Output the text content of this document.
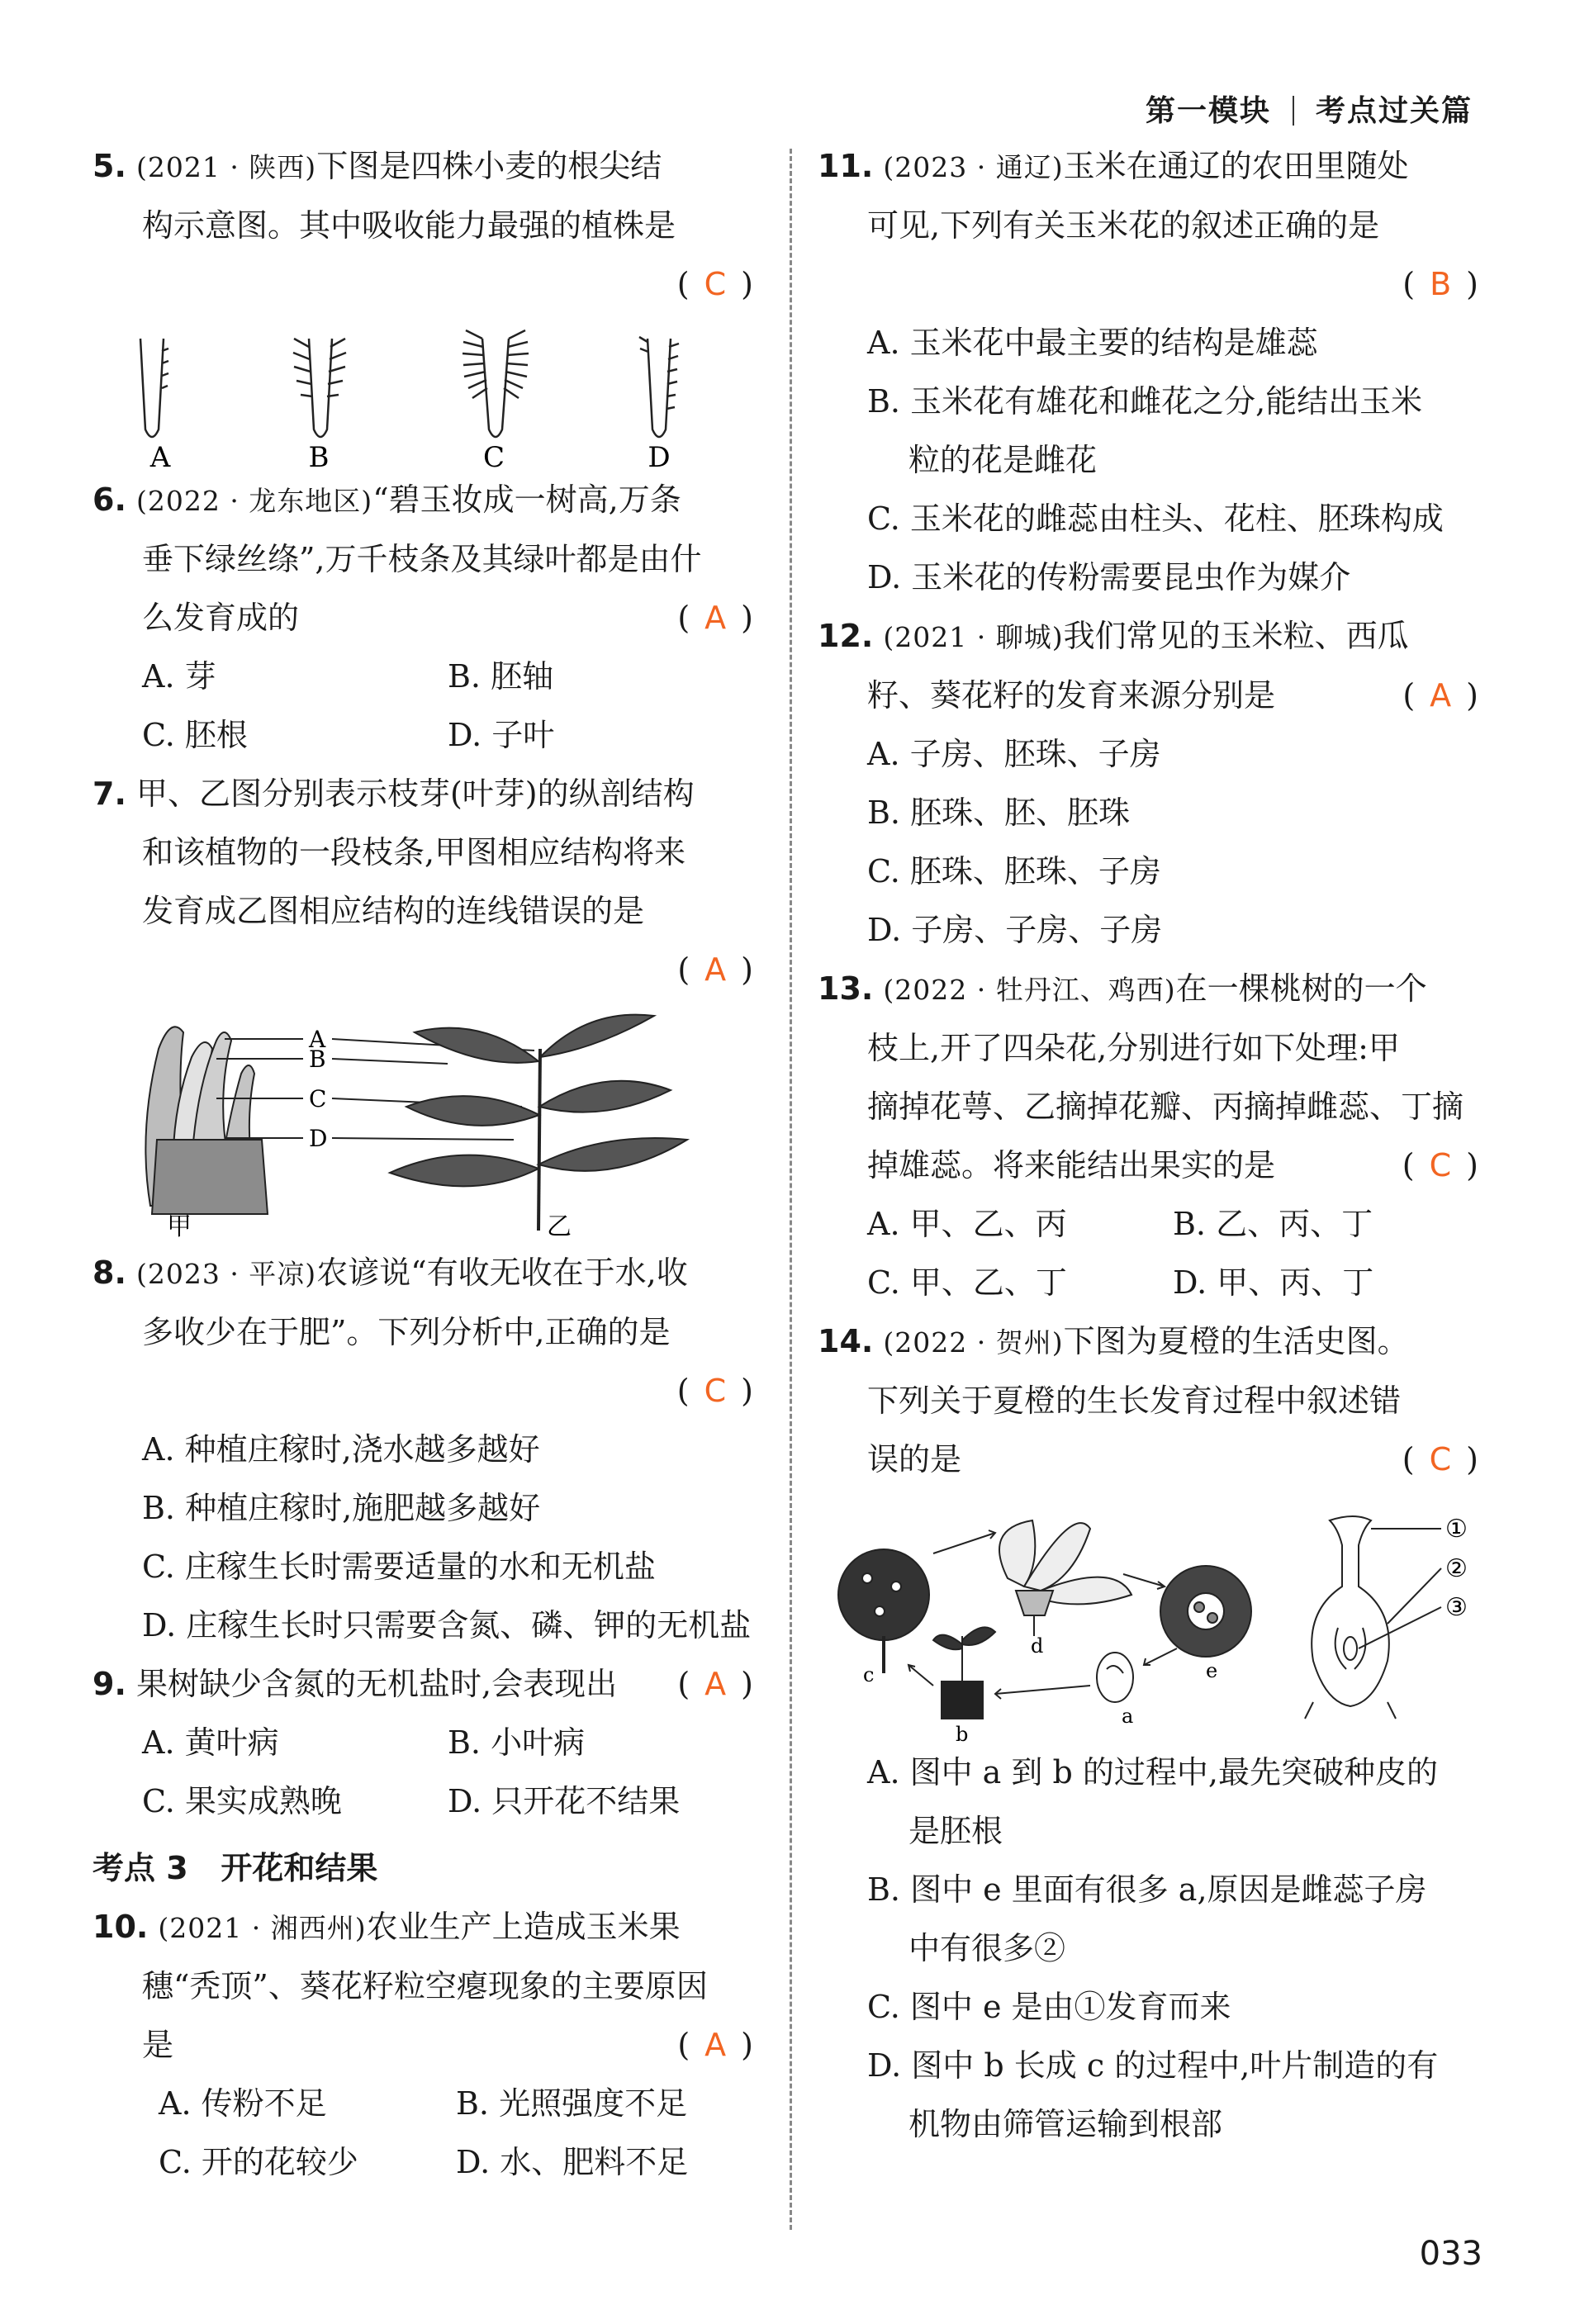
第一模块 考点过关篇
5. (2021 · 陕西)下图是四株小麦的根尖结
构示意图。其中吸收能力最强的植株是
( C )
A	B	C	D
6. (2022 · 龙东地区)“碧玉妆成一树高,万条
垂下绿丝绦”,万千枝条及其绿叶都是由什
么发育成的	( A )
A. 芽	B. 胚轴
C. 胚根	D. 子叶
7. 甲、乙图分别表示枝芽(叶芽)的纵剖结构
和该植物的一段枝条,甲图相应结构将来
发育成乙图相应结构的连线错误的是
( A )
A
B
C
D
甲	乙
8. (2023 · 平凉)农谚说“有收无收在于水,收
多收少在于肥”。下列分析中,正确的是
( C )
A. 种植庄稼时,浇水越多越好
B. 种植庄稼时,施肥越多越好
C. 庄稼生长时需要适量的水和无机盐
D. 庄稼生长时只需要含氮、磷、钾的无机盐
9. 果树缺少含氮的无机盐时,会表现出 ( A )
A. 黄叶病	B. 小叶病
C. 果实成熟晚	D. 只开花不结果
考点 3 开花和结果
10. (2021 · 湘西州)农业生产上造成玉米果
穗“秃顶”、葵花籽粒空瘪现象的主要原因
是	( A )
A. 传粉不足	B. 光照强度不足
C. 开的花较少	D. 水、肥料不足
11. (2023 · 通辽)玉米在通辽的农田里随处
可见,下列有关玉米花的叙述正确的是
( B )
A. 玉米花中最主要的结构是雄蕊
B. 玉米花有雄花和雌花之分,能结出玉米
粒的花是雌花
C. 玉米花的雌蕊由柱头、花柱、胚珠构成
D. 玉米花的传粉需要昆虫作为媒介
12. (2021 · 聊城)我们常见的玉米粒、西瓜
籽、葵花籽的发育来源分别是	( A )
A. 子房、胚珠、子房
B. 胚珠、胚、胚珠
C. 胚珠、胚珠、子房
D. 子房、子房、子房
13. (2022 · 牡丹江、鸡西)在一棵桃树的一个
枝上,开了四朵花,分别进行如下处理:甲
摘掉花萼、乙摘掉花瓣、丙摘掉雌蕊、丁摘
掉雄蕊。将来能结出果实的是	( C )
A. 甲、乙、丙	B. 乙、丙、丁
C. 甲、乙、丁	D. 甲、丙、丁
14. (2022 · 贺州)下图为夏橙的生活史图。
下列关于夏橙的生长发育过程中叙述错
误的是	( C )
c
d
e
a
b
①
②
③
A. 图中 a 到 b 的过程中,最先突破种皮的
是胚根
B. 图中 e 里面有很多 a,原因是雌蕊子房
中有很多②
C. 图中 e 是由①发育而来
D. 图中 b 长成 c 的过程中,叶片制造的有
机物由筛管运输到根部
033
